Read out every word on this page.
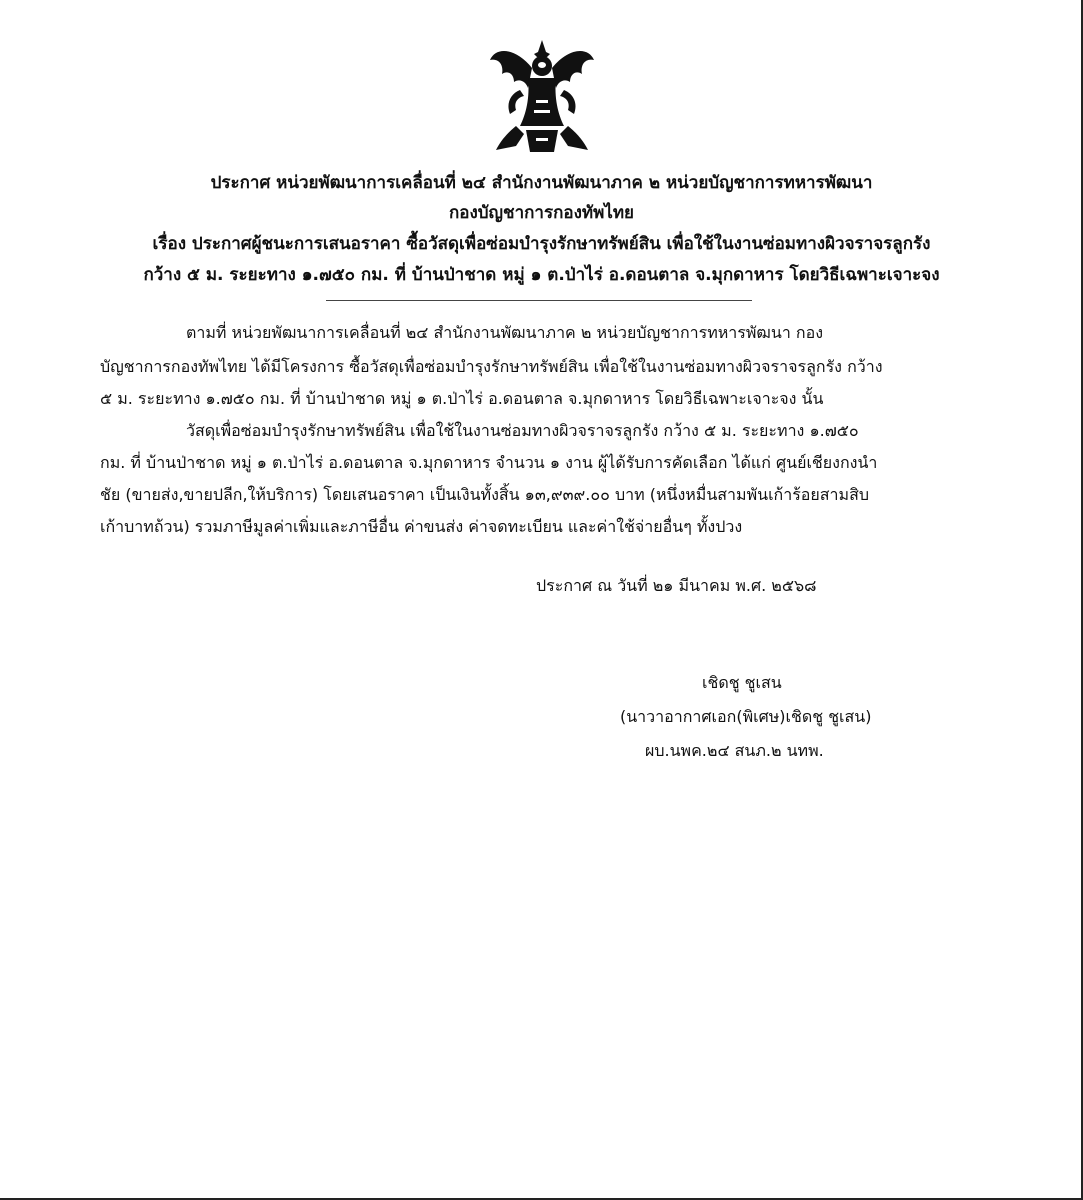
ประกาศ หน่วยพัฒนาการเคลื่อนที่ ๒๔ สำนักงานพัฒนาภาค ๒ หน่วยบัญชาการทหารพัฒนา
กองบัญชาการกองทัพไทย
เรื่อง ประกาศผู้ชนะการเสนอราคา ซื้อวัสดุเพื่อซ่อมบำรุงรักษาทรัพย์สิน เพื่อใช้ในงานซ่อมทางผิวจราจรลูกรัง
กว้าง ๕ ม. ระยะทาง ๑.๗๕๐ กม. ที่ บ้านป่าชาด หมู่ ๑ ต.ป่าไร่ อ.ดอนตาล จ.มุกดาหาร โดยวิธีเฉพาะเจาะจง
ตามที่ หน่วยพัฒนาการเคลื่อนที่ ๒๔ สำนักงานพัฒนาภาค ๒ หน่วยบัญชาการทหารพัฒนา กอง
บัญชาการกองทัพไทย ได้มีโครงการ ซื้อวัสดุเพื่อซ่อมบำรุงรักษาทรัพย์สิน เพื่อใช้ในงานซ่อมทางผิวจราจรลูกรัง กว้าง
๕ ม. ระยะทาง ๑.๗๕๐ กม. ที่ บ้านป่าชาด หมู่ ๑ ต.ป่าไร่ อ.ดอนตาล จ.มุกดาหาร โดยวิธีเฉพาะเจาะจง นั้น
วัสดุเพื่อซ่อมบำรุงรักษาทรัพย์สิน เพื่อใช้ในงานซ่อมทางผิวจราจรลูกรัง กว้าง ๕ ม. ระยะทาง ๑.๗๕๐
กม. ที่ บ้านป่าชาด หมู่ ๑ ต.ป่าไร่ อ.ดอนตาล จ.มุกดาหาร จำนวน ๑ งาน ผู้ได้รับการคัดเลือก ได้แก่ ศูนย์เชียงกงนำ
ชัย (ขายส่ง,ขายปลีก,ให้บริการ) โดยเสนอราคา เป็นเงินทั้งสิ้น ๑๓,๙๓๙.๐๐ บาท (หนึ่งหมื่นสามพันเก้าร้อยสามสิบ
เก้าบาทถ้วน) รวมภาษีมูลค่าเพิ่มและภาษีอื่น ค่าขนส่ง ค่าจดทะเบียน และค่าใช้จ่ายอื่นๆ ทั้งปวง
ประกาศ ณ วันที่ ๒๑ มีนาคม พ.ศ. ๒๕๖๘
เชิดชู ชูเสน
(นาวาอากาศเอก(พิเศษ)เชิดชู ชูเสน)
ผบ.นพค.๒๔ สนภ.๒ นทพ.
